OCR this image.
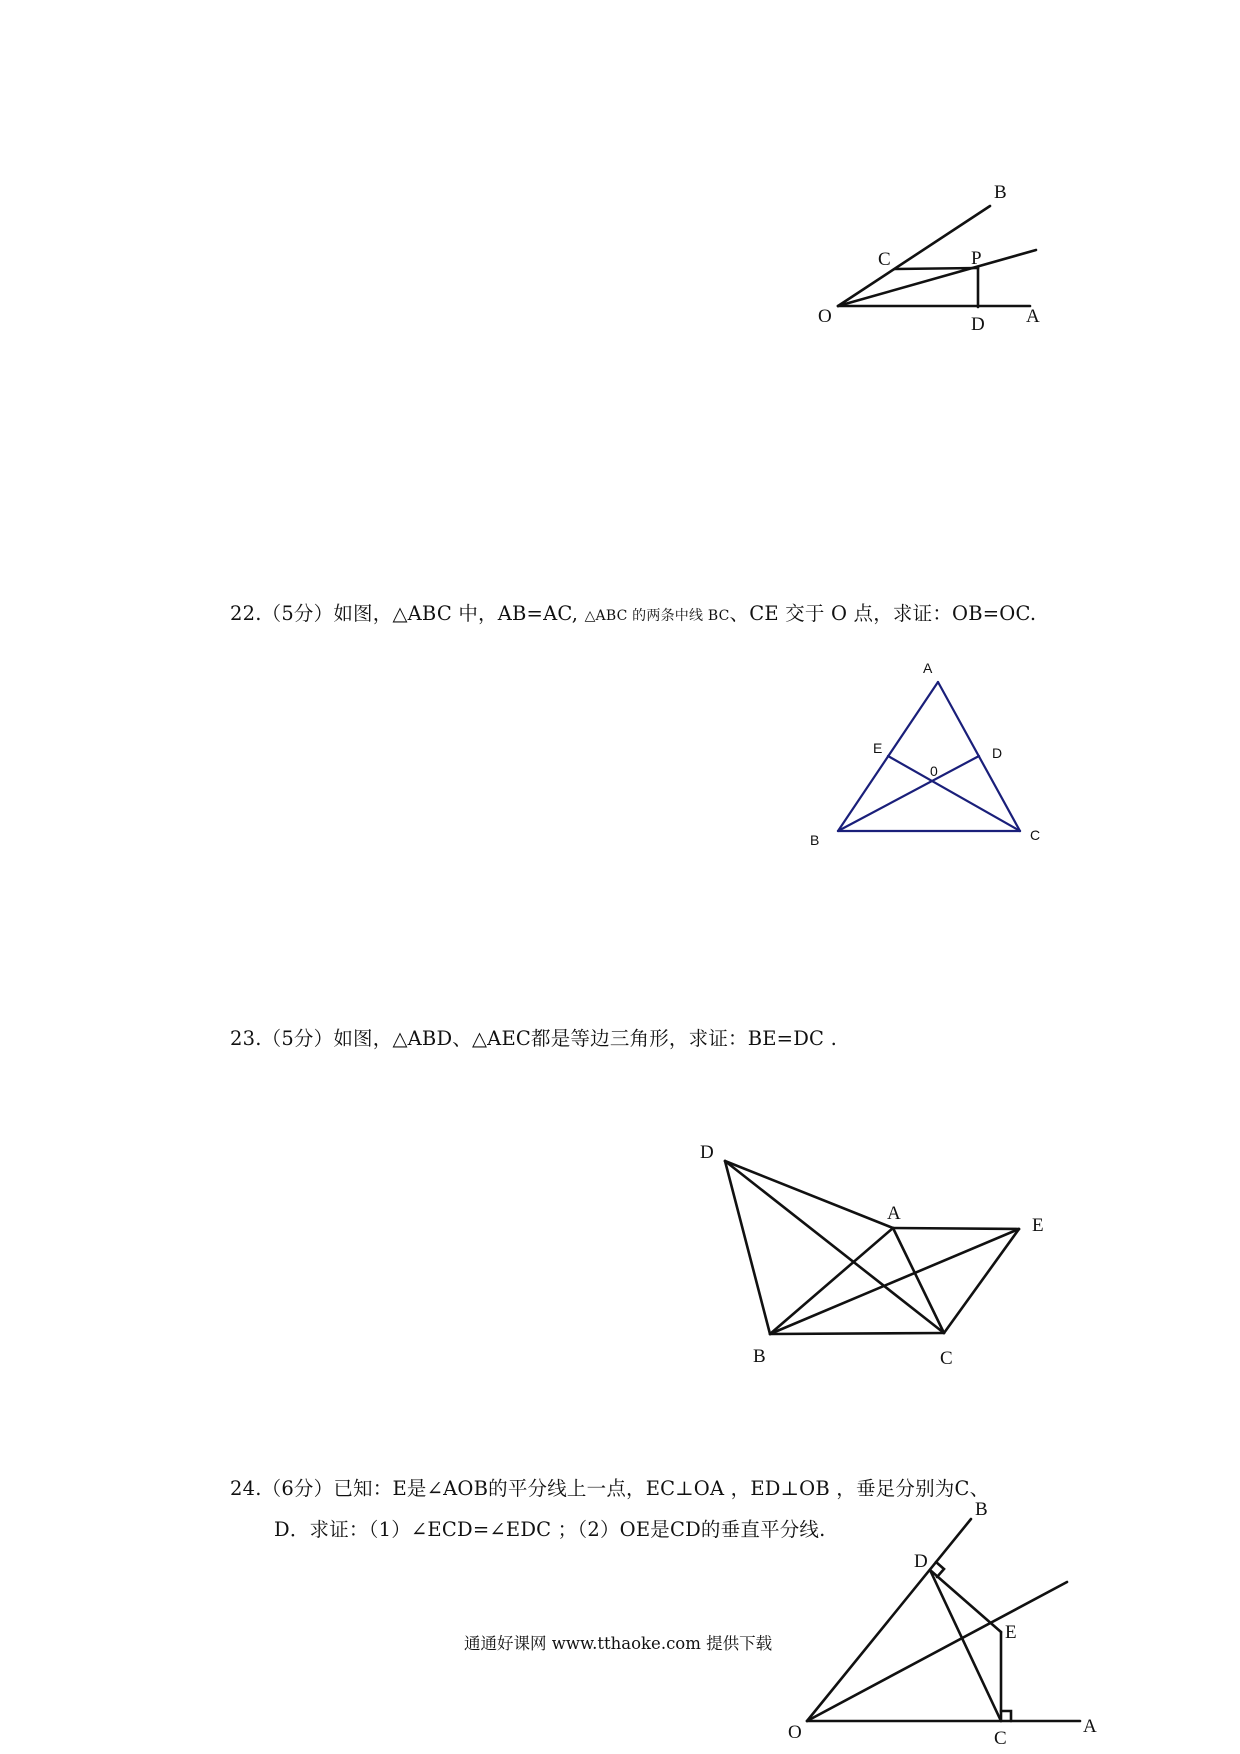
B
C	P
O	D A
22.（5分）如图，△ABC 中，AB=AC, △ABC 的两条中线 BC、CE 交于 O 点，求证：OB=OC.
A
E
0
D
B	C
23.（5分）如图，△ABD、△AEC都是等边三角形，求证：BE=DC .
D
A
E
B	C
24.（6分）已知：E是∠AOB的平分线上一点，EC⊥OA ，ED⊥OB ，垂足分别为C、
D．求证：（1）∠ECD=∠EDC ；（2）OE是CD的垂直平分线.
B
D
E
O	C
A
通通好课网 www.tthaoke.com 提供下载
